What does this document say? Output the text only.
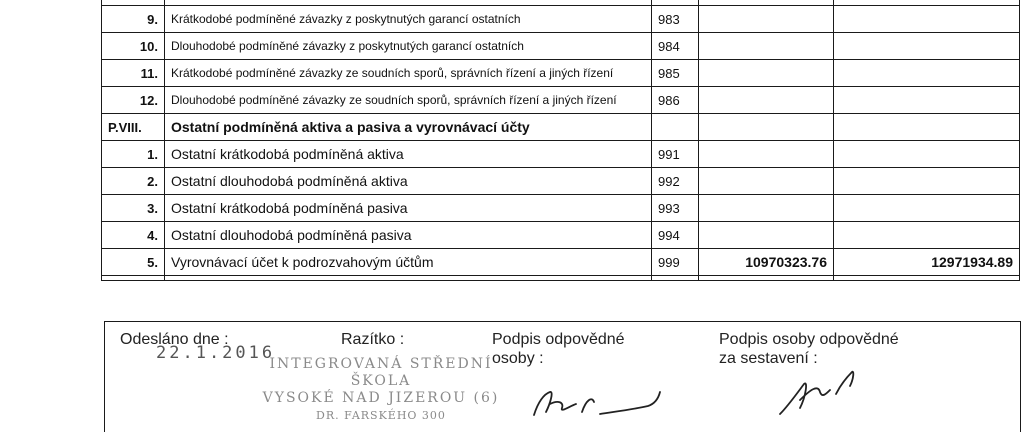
9.	Krátkodobé podmíněné závazky z poskytnutých garancí ostatních	983		
10.	Dlouhodobé podmíněné závazky z poskytnutých garancí ostatních	984		
11.	Krátkodobé podmíněné závazky ze soudních sporů, správních řízení a jiných řízení	985		
12.	Dlouhodobé podmíněné závazky ze soudních sporů, správních řízení a jiných řízení	986		
P.VIII.	Ostatní podmíněná aktiva a pasiva a vyrovnávací účty			
1.	Ostatní krátkodobá podmíněná aktiva	991		
2.	Ostatní dlouhodobá podmíněná aktiva	992		
3.	Ostatní krátkodobá podmíněná pasiva	993		
4.	Ostatní dlouhodobá podmíněná pasiva	994		
5.	Vyrovnávací účet k podrozvahovým účtům	999	10970323.76	12971934.89

Odesláno dne :
22.1.2016
Razítko :	Podpis odpovědné
osoby :
Podpis osoby odpovědné
za sestavení :
INTEGROVANÁ STŘEDNÍ ŠKOLA
VYSOKÉ NAD JIZEROU (6)
DR. FARSKÉHO 300
